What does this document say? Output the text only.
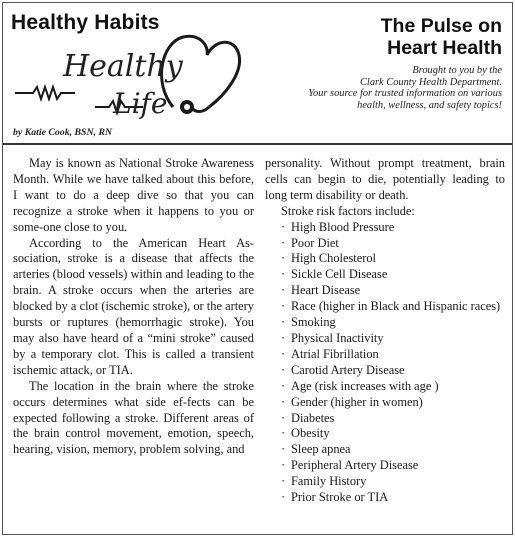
Healthy Habits
Healthy
Life
The Pulse on
Heart Health
Brought to you by the
Clark County Health Department.
Your source for trusted information on various
health, wellness, and safety topics!
by Katie Cook, BSN, RN

May is known as National Stroke Awareness Month. While we have talked about this before, I want to do a deep dive so that you can recognize a stroke when it happens to you or some-one close to you.

According to the American Heart As-sociation, stroke is a disease that affects the arteries (blood vessels) within and leading to the brain. A stroke occurs when the arteries are blocked by a clot (ischemic stroke), or the artery bursts or ruptures (hemorrhagic stroke). You may also have heard of a “mini stroke” caused by a temporary clot. This is called a transient ischemic attack, or TIA.

The location in the brain where the stroke occurs determines what side ef-fects can be expected following a stroke. Different areas of the brain control movement, emotion, speech, hearing, vision, memory, problem solving, and

personality. Without prompt treatment, brain cells can begin to die, potentially leading to long term disability or death.

Stroke risk factors include:
· High Blood Pressure
· Poor Diet
· High Cholesterol
· Sickle Cell Disease
· Heart Disease
· Race (higher in Black and Hispanic races)
· Smoking
· Physical Inactivity
· Atrial Fibrillation
· Carotid Artery Disease
· Age (risk increases with age )
· Gender (higher in women)
· Diabetes
· Obesity
· Sleep apnea
· Peripheral Artery Disease
· Family History
· Prior Stroke or TIA
